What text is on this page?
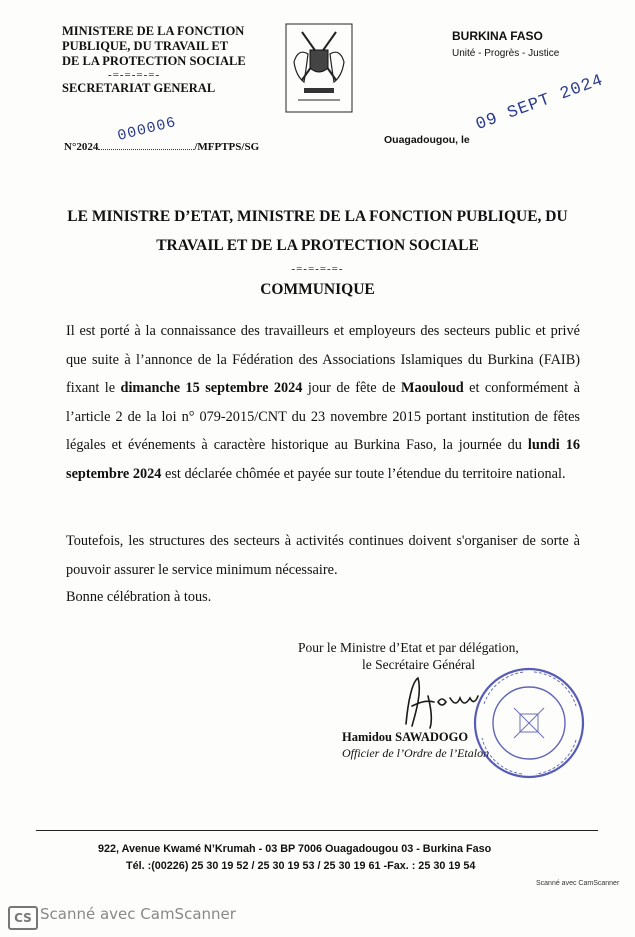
MINISTERE DE LA FONCTION
PUBLIQUE, DU TRAVAIL ET
DE LA PROTECTION SOCIALE
-=-=-=-=-
SECRETARIAT GENERAL
BURKINA FASO
Unité - Progrès - Justice
N°2024	/MFPTPS/SG
000006	Ouagadougou, le
09 SEPT 2024
LE MINISTRE D’ETAT, MINISTRE DE LA FONCTION PUBLIQUE, DU
TRAVAIL ET DE LA PROTECTION SOCIALE
-=-=-=-=-
COMMUNIQUE
Il est porté à la connaissance des travailleurs et employeurs des secteurs public et privé que suite à l’annonce de la Fédération des Associations Islamiques du Burkina (FAIB) fixant le dimanche 15 septembre 2024 jour de fête de Maouloud et conformément à l’article 2 de la loi n° 079-2015/CNT du 23 novembre 2015 portant institution de fêtes légales et événements à caractère historique au Burkina Faso, la journée du lundi 16 septembre 2024 est déclarée chômée et payée sur toute l’étendue du territoire national.
Toutefois, les structures des secteurs à activités continues doivent s'organiser de sorte à pouvoir assurer le service minimum nécessaire.
Bonne célébration à tous.
Pour le Ministre d’Etat et par délégation,
le Secrétaire Général
Hamidou SAWADOGO
Officier de l’Ordre de l’Etalon
922, Avenue Kwamé N’Krumah - 03 BP 7006 Ouagadougou 03 - Burkina Faso
Tél. :(00226) 25 30 19 52 / 25 30 19 53 / 25 30 19 61 -Fax. : 25 30 19 54
Scanné avec CamScanner
CS Scanné avec CamScanner
